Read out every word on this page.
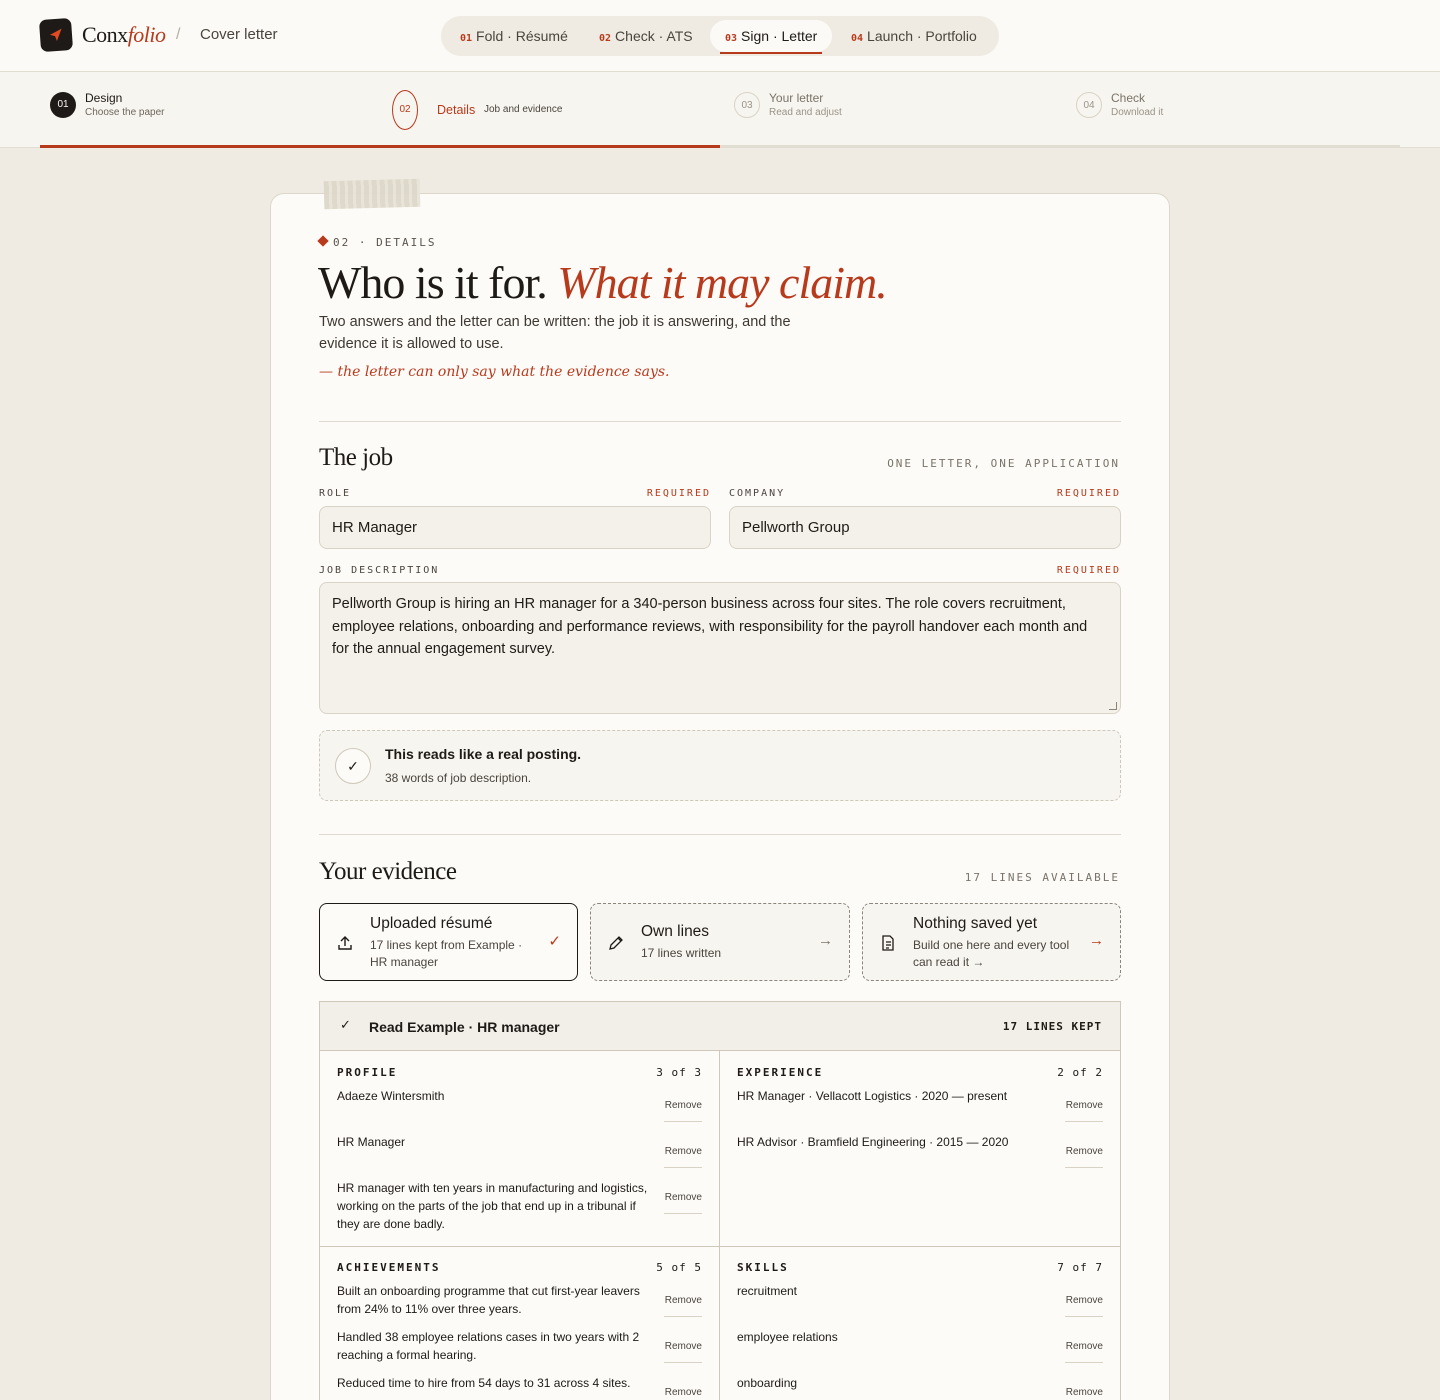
Conxfolio / Cover letter	01 Fold · Résumé	02 Check · ATS	03 Sign · Letter	04 Launch · Portfolio
01	Design
Choose the paper	02	Details Job and evidence	03
Your letter
Read and adjust
04
Check
Download it
02 · DETAILS
Who is it for. What it may claim.
Two answers and the letter can be written: the job it is answering, and the evidence it is allowed to use.
— the letter can only say what the evidence says.
The job	ONE LETTER, ONE APPLICATION
ROLE	REQUIRED
HR Manager
COMPANY	REQUIRED
Pellworth Group
JOB DESCRIPTION	REQUIRED
Pellworth Group is hiring an HR manager for a 340-person business across four sites. The role covers recruitment, employee relations, onboarding and performance reviews, with responsibility for the payroll handover each month and for the annual engagement survey.
✓
This reads like a real posting.
38 words of job description.
Your evidence	17 LINES AVAILABLE
Uploaded résumé
17 lines kept from Example · HR manager
✓
Own lines
17 lines written
→
Nothing saved yet
Build one here and every tool can read it →
→
✓ Read Example · HR manager	17 LINES KEPT
PROFILE	3 of 3
Adaeze Wintersmith
Remove
HR Manager
Remove
HR manager with ten years in manufacturing and logistics, working on the parts of the job that end up in a tribunal if they are done badly.
Remove
EXPERIENCE	2 of 2
HR Manager · Vellacott Logistics · 2020 — present
Remove
HR Advisor · Bramfield Engineering · 2015 — 2020
Remove
ACHIEVEMENTS	5 of 5
Built an onboarding programme that cut first-year leavers from 24% to 11% over three years.
Remove
Handled 38 employee relations cases in two years with 2 reaching a formal hearing.
Remove
Reduced time to hire from 54 days to 31 across 4 sites.
Remove
SKILLS	7 of 7
recruitment
Remove
employee relations
Remove
onboarding
Remove
